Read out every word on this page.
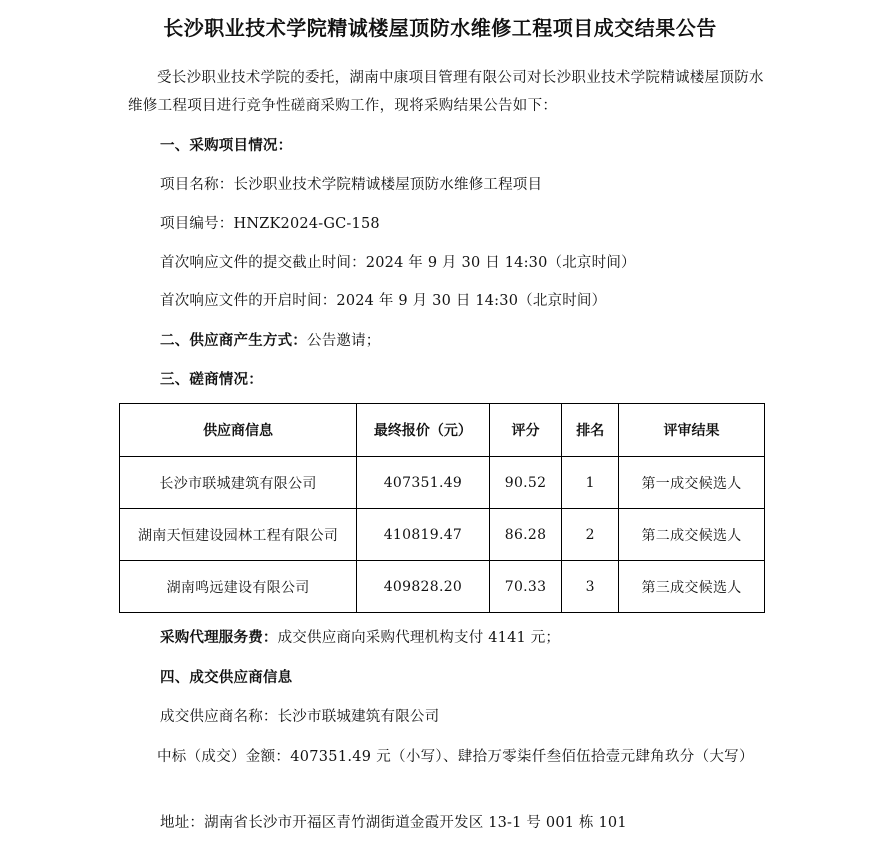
长沙职业技术学院精诚楼屋顶防水维修工程项目成交结果公告

受长沙职业技术学院的委托，湖南中康项目管理有限公司对长沙职业技术学院精诚楼屋顶防水维修工程项目进行竞争性磋商采购工作，现将采购结果公告如下：

一、采购项目情况：

项目名称：长沙职业技术学院精诚楼屋顶防水维修工程项目

项目编号：HNZK2024-GC-158

首次响应文件的提交截止时间：2024 年 9 月 30 日 14:30（北京时间）

首次响应文件的开启时间：2024 年 9 月 30 日 14:30（北京时间）

二、供应商产生方式：公告邀请；

三、磋商情况：

供应商信息	最终报价（元）	评分	排名	评审结果
长沙市联城建筑有限公司	407351.49	90.52	1	第一成交候选人
湖南天恒建设园林工程有限公司	410819.47	86.28	2	第二成交候选人
湖南鸣远建设有限公司	409828.20	70.33	3	第三成交候选人

采购代理服务费：成交供应商向采购代理机构支付 4141 元；

四、成交供应商信息

成交供应商名称：长沙市联城建筑有限公司

中标（成交）金额：407351.49 元（小写）、肆拾万零柒仟叁佰伍拾壹元肆角玖分（大写）

地址：湖南省长沙市开福区青竹湖街道金霞开发区 13-1 号 001 栋 101
